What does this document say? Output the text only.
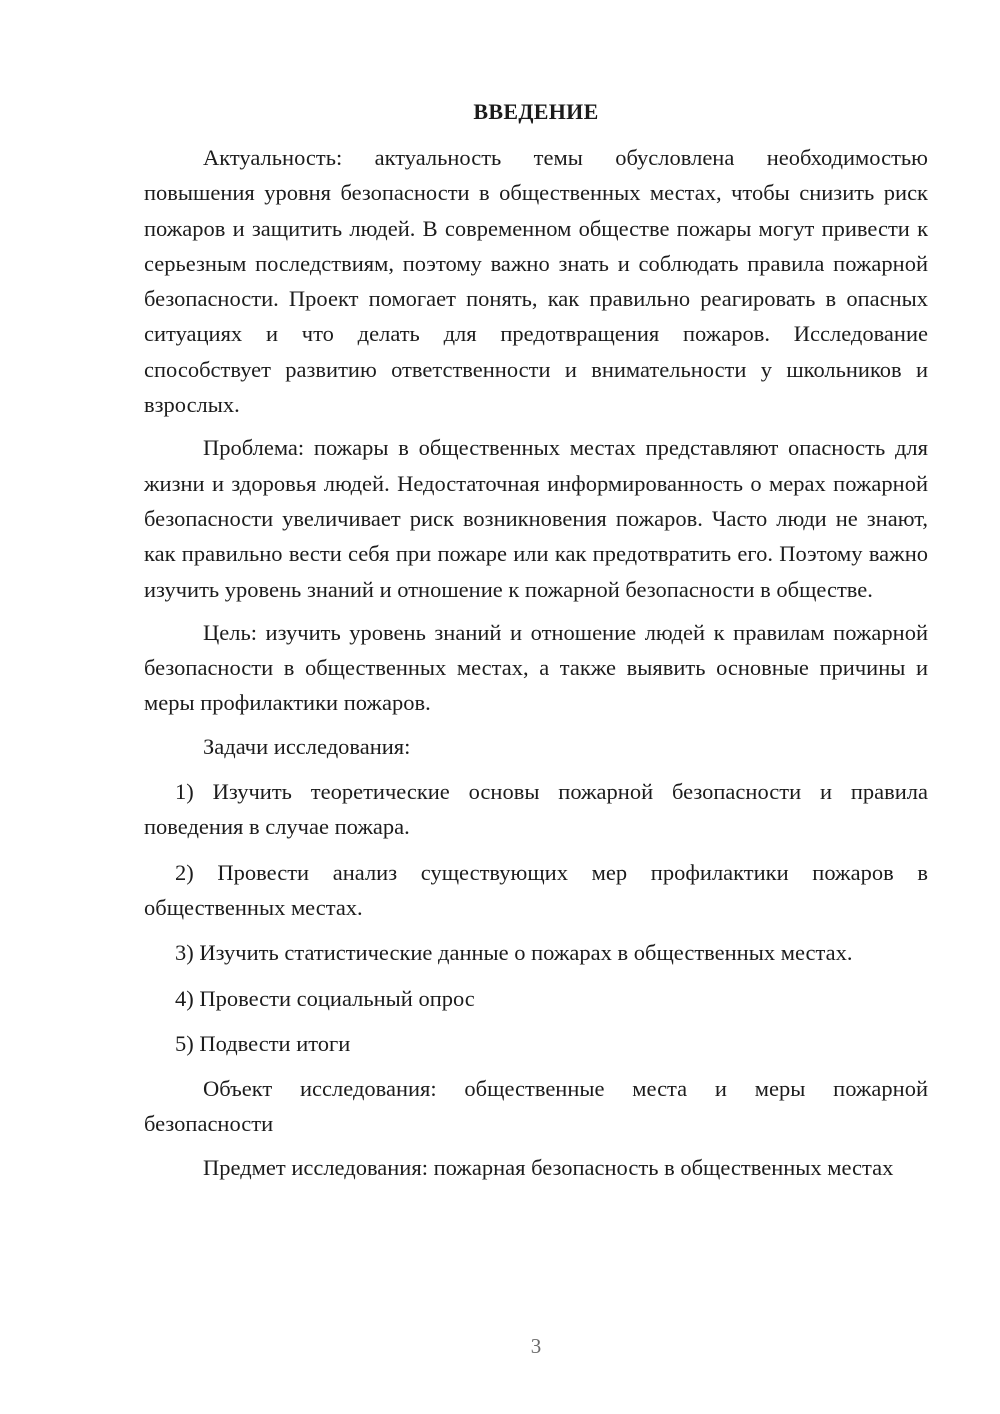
ВВЕДЕНИЕ

Актуальность: актуальность темы обусловлена необходимостью повышения уровня безопасности в общественных местах, чтобы снизить риск пожаров и защитить людей. В современном обществе пожары могут привести к серьезным последствиям, поэтому важно знать и соблюдать правила пожарной безопасности. Проект помогает понять, как правильно реагировать в опасных ситуациях и что делать для предотвращения пожаров. Исследование способствует развитию ответственности и внимательности у школьников и взрослых.

Проблема: пожары в общественных местах представляют опасность для жизни и здоровья людей. Недостаточная информированность о мерах пожарной безопасности увеличивает риск возникновения пожаров. Часто люди не знают, как правильно вести себя при пожаре или как предотвратить его. Поэтому важно изучить уровень знаний и отношение к пожарной безопасности в обществе.

Цель: изучить уровень знаний и отношение людей к правилам пожарной безопасности в общественных местах, а также выявить основные причины и меры профилактики пожаров.

Задачи исследования:

1) Изучить теоретические основы пожарной безопасности и правила поведения в случае пожара.

2) Провести анализ существующих мер профилактики пожаров в общественных местах.

3) Изучить статистические данные о пожарах в общественных местах.

4) Провести социальный опрос

5) Подвести итоги

Объект исследования: общественные места и меры пожарной безопасности

Предмет исследования: пожарная безопасность в общественных местах

3
